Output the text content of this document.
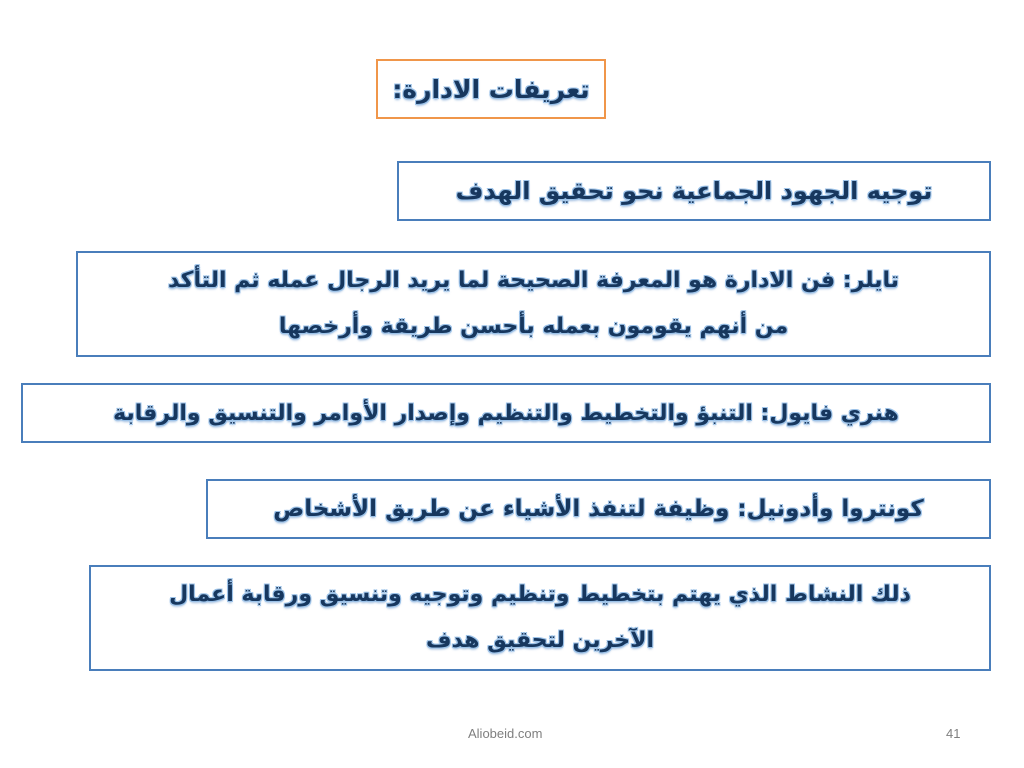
تعريفات الادارة:
توجيه الجهود الجماعية نحو تحقيق الهدف
تايلر: فن الادارة هو المعرفة الصحيحة لما يريد الرجال عمله ثم التأكد
من أنهم يقومون بعمله بأحسن طريقة وأرخصها
هنري فايول: التنبؤ والتخطيط والتنظيم وإصدار الأوامر والتنسيق والرقابة
كونتروا وأدونيل: وظيفة لتنفذ الأشياء عن طريق الأشخاص
ذلك النشاط الذي يهتم بتخطيط وتنظيم وتوجيه وتنسيق ورقابة أعمال
الآخرين لتحقيق هدف
Aliobeid.com	41
